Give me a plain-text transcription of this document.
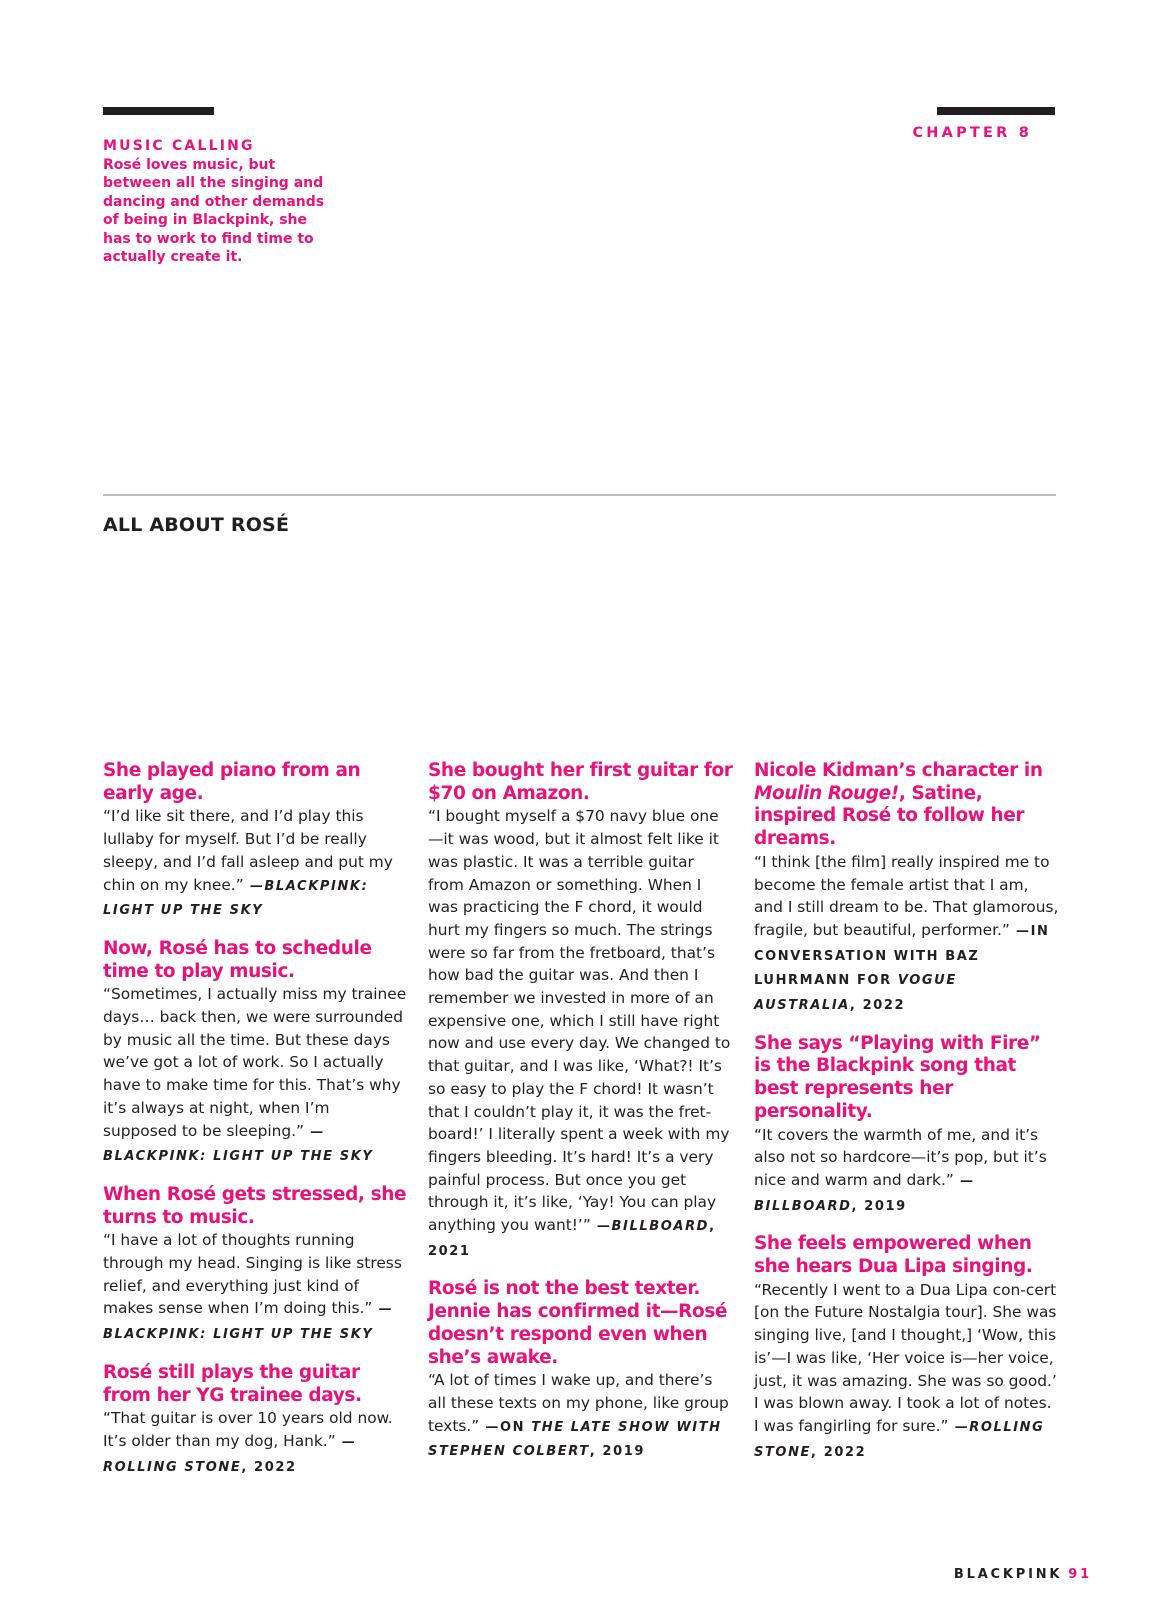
MUSIC CALLING
Rosé loves music, but between all the singing and dancing and other demands of being in Blackpink, she has to work to find time to actually create it.
CHAPTER 8
ALL ABOUT ROSÉ
She played piano from an early age.
“I’d like sit there, and I’d play this lullaby for myself. But I’d be really sleepy, and I’d fall asleep and put my chin on my knee.” —BLACKPINK: LIGHT UP THE SKY
Now, Rosé has to schedule time to play music.
“Sometimes, I actually miss my trainee days… back then, we were surrounded by music all the time. But these days we’ve got a lot of work. So I actually have to make time for this. That’s why it’s always at night, when I’m supposed to be sleeping.” —BLACKPINK: LIGHT UP THE SKY
When Rosé gets stressed, she turns to music.
“I have a lot of thoughts running through my head. Singing is like stress relief, and everything just kind of makes sense when I’m doing this.” —BLACKPINK: LIGHT UP THE SKY
Rosé still plays the guitar from her YG trainee days.
“That guitar is over 10 years old now. It’s older than my dog, Hank.” —ROLLING STONE, 2022
She bought her first guitar for $70 on Amazon.
“I bought myself a $70 navy blue one—it was wood, but it almost felt like it was plastic. It was a terrible guitar from Amazon or something. When I was practicing the F chord, it would hurt my fingers so much. The strings were so far from the fretboard, that’s how bad the guitar was. And then I remember we invested in more of an expensive one, which I still have right now and use every day. We changed to that guitar, and I was like, ‘What?! It’s so easy to play the F chord! It wasn’t that I couldn’t play it, it was the fret-board!’ I literally spent a week with my fingers bleeding. It’s hard! It’s a very painful process. But once you get through it, it’s like, ‘Yay! You can play anything you want!’” —BILLBOARD, 2021
Rosé is not the best texter. Jennie has confirmed it—Rosé doesn’t respond even when she’s awake.
“A lot of times I wake up, and there’s all these texts on my phone, like group texts.” —ON THE LATE SHOW WITH STEPHEN COLBERT, 2019
Nicole Kidman’s character in Moulin Rouge!, Satine, inspired Rosé to follow her dreams.
“I think [the film] really inspired me to become the female artist that I am, and I still dream to be. That glamorous, fragile, but beautiful, performer.” —IN CONVERSATION WITH BAZ LUHRMANN FOR VOGUE AUSTRALIA, 2022
She says “Playing with Fire” is the Blackpink song that best represents her personality.
“It covers the warmth of me, and it’s also not so hardcore—it’s pop, but it’s nice and warm and dark.” —BILLBOARD, 2019
She feels empowered when she hears Dua Lipa singing.
“Recently I went to a Dua Lipa con-cert [on the Future Nostalgia tour]. She was singing live, [and I thought,] ‘Wow, this is’—I was like, ‘Her voice is—her voice, just, it was amazing. She was so good.’ I was blown away. I took a lot of notes. I was fangirling for sure.” —ROLLING STONE, 2022
BLACKPINK 91
